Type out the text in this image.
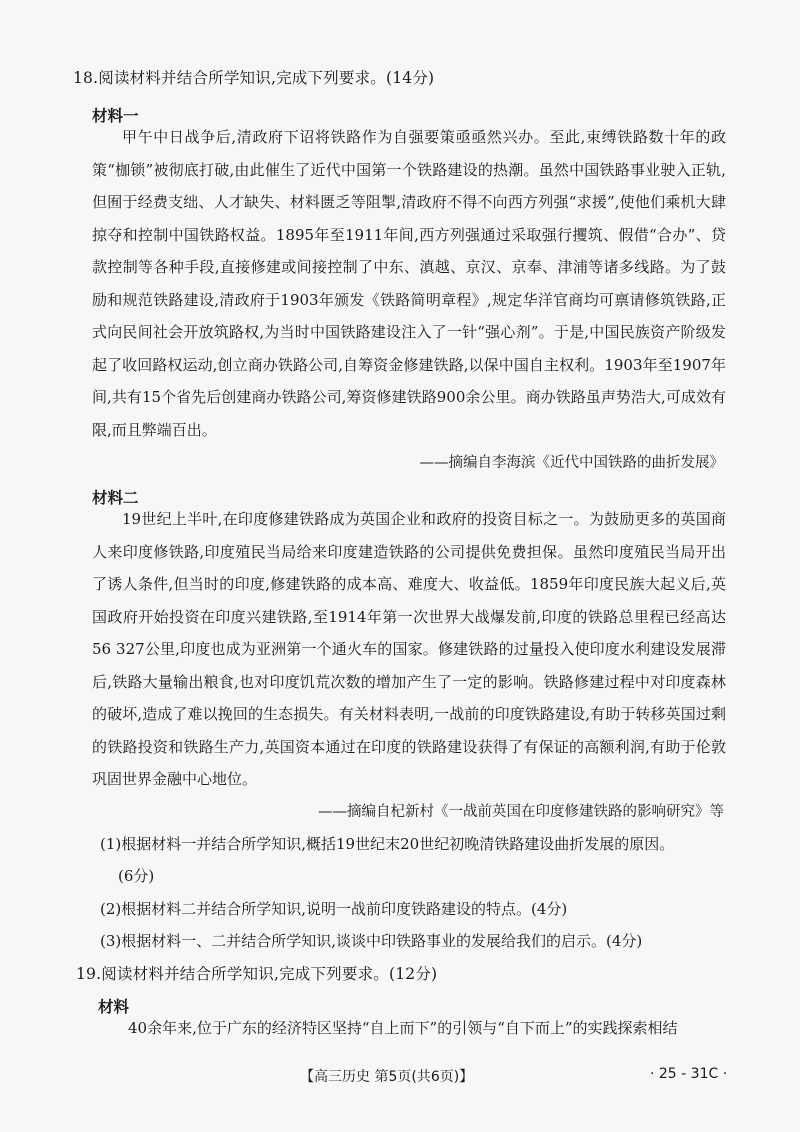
18.阅读材料并结合所学知识,完成下列要求。(14分)
材料一

甲午中日战争后,清政府下诏将铁路作为自强要策亟亟然兴办。至此,束缚铁路数十年的政策“枷锁”被彻底打破,由此催生了近代中国第一个铁路建设的热潮。虽然中国铁路事业驶入正轨,但囿于经费支绌、人才缺失、材料匮乏等阻掣,清政府不得不向西方列强“求援”,使他们乘机大肆掠夺和控制中国铁路权益。1895年至1911年间,西方列强通过采取强行攫筑、假借“合办”、贷款控制等各种手段,直接修建或间接控制了中东、滇越、京汉、京奉、津浦等诸多线路。为了鼓励和规范铁路建设,清政府于1903年颁发《铁路简明章程》,规定华洋官商均可禀请修筑铁路,正式向民间社会开放筑路权,为当时中国铁路建设注入了一针“强心剂”。于是,中国民族资产阶级发起了收回路权运动,创立商办铁路公司,自筹资金修建铁路,以保中国自主权利。1903年至1907年间,共有15个省先后创建商办铁路公司,筹资修建铁路900余公里。商办铁路虽声势浩大,可成效有限,而且弊端百出。

——摘编自李海滨《近代中国铁路的曲折发展》
材料二

19世纪上半叶,在印度修建铁路成为英国企业和政府的投资目标之一。为鼓励更多的英国商人来印度修铁路,印度殖民当局给来印度建造铁路的公司提供免费担保。虽然印度殖民当局开出了诱人条件,但当时的印度,修建铁路的成本高、难度大、收益低。1859年印度民族大起义后,英国政府开始投资在印度兴建铁路,至1914年第一次世界大战爆发前,印度的铁路总里程已经高达56 327公里,印度也成为亚洲第一个通火车的国家。修建铁路的过量投入使印度水利建设发展滞后,铁路大量输出粮食,也对印度饥荒次数的增加产生了一定的影响。铁路修建过程中对印度森林的破坏,造成了难以挽回的生态损失。有关材料表明,一战前的印度铁路建设,有助于转移英国过剩的铁路投资和铁路生产力,英国资本通过在印度的铁路建设获得了有保证的高额利润,有助于伦敦巩固世界金融中心地位。

——摘编自杞新村《一战前英国在印度修建铁路的影响研究》等
(1)根据材料一并结合所学知识,概括19世纪末20世纪初晚清铁路建设曲折发展的原因。
(6分)
(2)根据材料二并结合所学知识,说明一战前印度铁路建设的特点。(4分)
(3)根据材料一、二并结合所学知识,谈谈中印铁路事业的发展给我们的启示。(4分)
19.阅读材料并结合所学知识,完成下列要求。(12分)
材料

40余年来,位于广东的经济特区坚持“自上而下”的引领与“自下而上”的实践探索相结

【高三历史 第5页(共6页)】	· 25 - 31C ·
